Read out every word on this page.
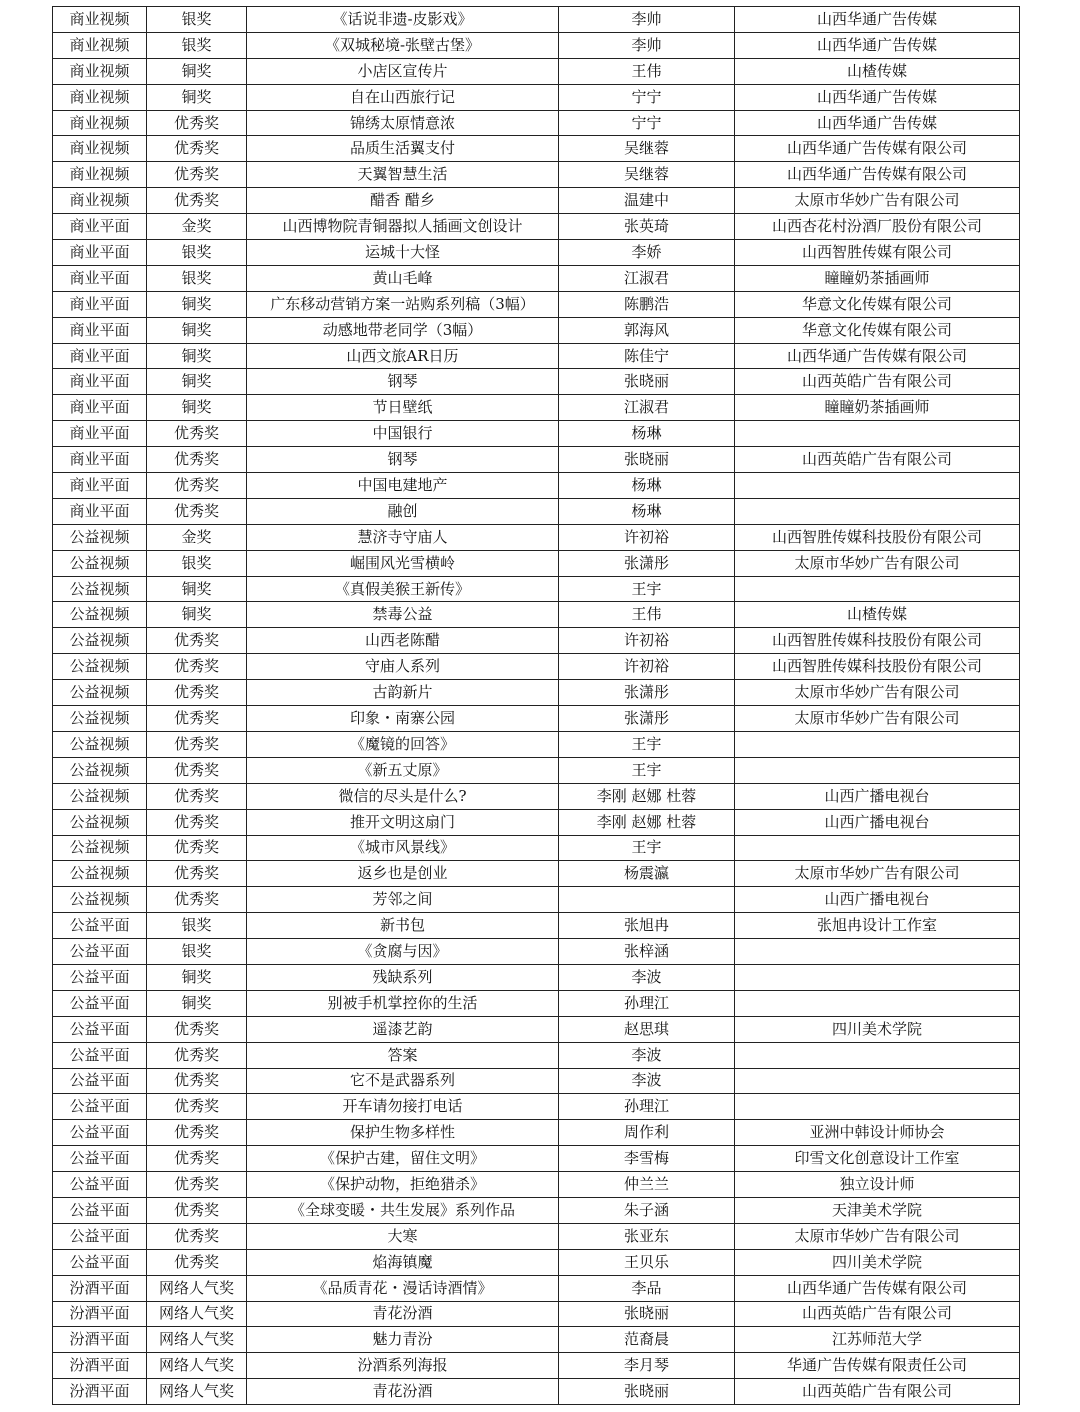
商业视频	银奖	《话说非遗-皮影戏》	李帅	山西华通广告传媒
商业视频	银奖	《双城秘境-张壁古堡》	李帅	山西华通广告传媒
商业视频	铜奖	小店区宣传片	王伟	山楂传媒
商业视频	铜奖	自在山西旅行记	宁宁	山西华通广告传媒
商业视频	优秀奖	锦绣太原情意浓	宁宁	山西华通广告传媒
商业视频	优秀奖	品质生活翼支付	吴继蓉	山西华通广告传媒有限公司
商业视频	优秀奖	天翼智慧生活	吴继蓉	山西华通广告传媒有限公司
商业视频	优秀奖	醋香 醋乡	温建中	太原市华妙广告有限公司
商业平面	金奖	山西博物院青铜器拟人插画文创设计	张英琦	山西杏花村汾酒厂股份有限公司
商业平面	银奖	运城十大怪	李娇	山西智胜传媒有限公司
商业平面	银奖	黄山毛峰	江淑君	瞳瞳奶茶插画师
商业平面	铜奖	广东移动营销方案一站购系列稿（3幅）	陈鹏浩	华意文化传媒有限公司
商业平面	铜奖	动感地带老同学（3幅）	郭海风	华意文化传媒有限公司
商业平面	铜奖	山西文旅AR日历	陈佳宁	山西华通广告传媒有限公司
商业平面	铜奖	钢琴	张晓丽	山西英皓广告有限公司
商业平面	铜奖	节日壁纸	江淑君	瞳瞳奶茶插画师
商业平面	优秀奖	中国银行	杨琳	
商业平面	优秀奖	钢琴	张晓丽	山西英皓广告有限公司
商业平面	优秀奖	中国电建地产	杨琳	
商业平面	优秀奖	融创	杨琳	
公益视频	金奖	慧济寺守庙人	许初裕	山西智胜传媒科技股份有限公司
公益视频	银奖	崛围风光雪横岭	张潇彤	太原市华妙广告有限公司
公益视频	铜奖	《真假美猴王新传》	王宇	
公益视频	铜奖	禁毒公益	王伟	山楂传媒
公益视频	优秀奖	山西老陈醋	许初裕	山西智胜传媒科技股份有限公司
公益视频	优秀奖	守庙人系列	许初裕	山西智胜传媒科技股份有限公司
公益视频	优秀奖	古韵新片	张潇彤	太原市华妙广告有限公司
公益视频	优秀奖	印象・南寨公园	张潇彤	太原市华妙广告有限公司
公益视频	优秀奖	《魔镜的回答》	王宇	
公益视频	优秀奖	《新五丈原》	王宇	
公益视频	优秀奖	微信的尽头是什么?	李刚 赵娜 杜蓉	山西广播电视台
公益视频	优秀奖	推开文明这扇门	李刚 赵娜 杜蓉	山西广播电视台
公益视频	优秀奖	《城市风景线》	王宇	
公益视频	优秀奖	返乡也是创业	杨震瀛	太原市华妙广告有限公司
公益视频	优秀奖	芳邻之间		山西广播电视台
公益平面	银奖	新书包	张旭冉	张旭冉设计工作室
公益平面	银奖	《贪腐与因》	张梓涵	
公益平面	铜奖	残缺系列	李波	
公益平面	铜奖	别被手机掌控你的生活	孙理江	
公益平面	优秀奖	遥漆艺韵	赵思琪	四川美术学院
公益平面	优秀奖	答案	李波	
公益平面	优秀奖	它不是武器系列	李波	
公益平面	优秀奖	开车请勿接打电话	孙理江	
公益平面	优秀奖	保护生物多样性	周作利	亚洲中韩设计师协会
公益平面	优秀奖	《保护古建，留住文明》	李雪梅	印雪文化创意设计工作室
公益平面	优秀奖	《保护动物，拒绝猎杀》	仲兰兰	独立设计师
公益平面	优秀奖	《全球变暖・共生发展》系列作品	朱子涵	天津美术学院
公益平面	优秀奖	大寒	张亚东	太原市华妙广告有限公司
公益平面	优秀奖	焰海镇魔	王贝乐	四川美术学院
汾酒平面	网络人气奖	《品质青花・漫话诗酒情》	李品	山西华通广告传媒有限公司
汾酒平面	网络人气奖	青花汾酒	张晓丽	山西英皓广告有限公司
汾酒平面	网络人气奖	魅力青汾	范裔晨	江苏师范大学
汾酒平面	网络人气奖	汾酒系列海报	李月琴	华通广告传媒有限责任公司
汾酒平面	网络人气奖	青花汾酒	张晓丽	山西英皓广告有限公司
